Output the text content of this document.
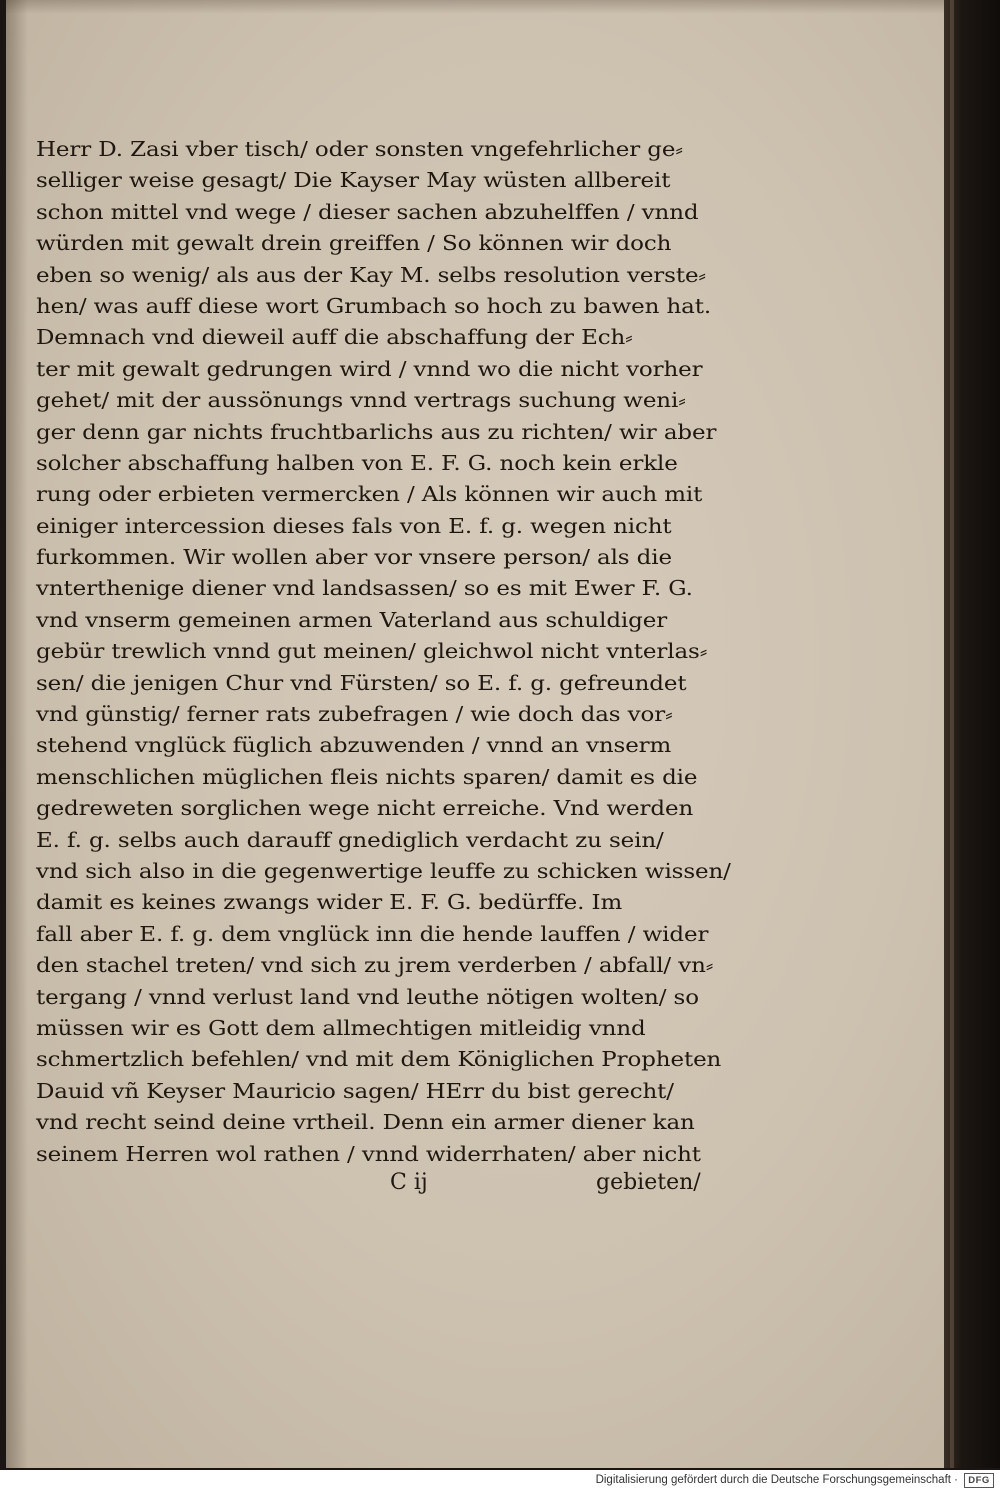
Herr D. Zasi vber tisch/ oder sonsten vngefehrlicher ge⸗
selliger weise gesagt/ Die Kayser May wüsten allbereit
schon mittel vnd wege / dieser sachen abzuhelffen / vnnd
würden mit gewalt drein greiffen / So können wir doch
eben so wenig/ als aus der Kay M. selbs resolution verste⸗
hen/ was auff diese wort Grumbach so hoch zu bawen hat.
Demnach vnd dieweil auff die abschaffung der Ech⸗
ter mit gewalt gedrungen wird / vnnd wo die nicht vorher
gehet/ mit der aussönungs vnnd vertrags suchung weni⸗
ger denn gar nichts fruchtbarlichs aus zu richten/ wir aber
solcher abschaffung halben von E. F. G. noch kein erkle
rung oder erbieten vermercken / Als können wir auch mit
einiger intercession dieses fals von E. f. g. wegen nicht
furkommen. Wir wollen aber vor vnsere person/ als die
vnterthenige diener vnd landsassen/ so es mit Ewer F. G.
vnd vnserm gemeinen armen Vaterland aus schuldiger
gebür trewlich vnnd gut meinen/ gleichwol nicht vnterlas⸗
sen/ die jenigen Chur vnd Fürsten/ so E. f. g. gefreundet
vnd günstig/ ferner rats zubefragen / wie doch das vor⸗
stehend vnglück füglich abzuwenden / vnnd an vnserm
menschlichen müglichen fleis nichts sparen/ damit es die
gedreweten sorglichen wege nicht erreiche. Vnd werden
E. f. g. selbs auch darauff gnediglich verdacht zu sein/
vnd sich also in die gegenwertige leuffe zu schicken wissen/
damit es keines zwangs wider E. F. G. bedürffe. Im
fall aber E. f. g. dem vnglück inn die hende lauffen / wider
den stachel treten/ vnd sich zu jrem verderben / abfall/ vn⸗
tergang / vnnd verlust land vnd leuthe nötigen wolten/ so
müssen wir es Gott dem allmechtigen mitleidig vnnd
schmertzlich befehlen/ vnd mit dem Königlichen Propheten
Dauid vñ Keyser Mauricio sagen/ HErr du bist gerecht/
vnd recht seind deine vrtheil. Denn ein armer diener kan
seinem Herren wol rathen / vnnd widerrhaten/ aber nicht
C ij	gebieten/
Digitalisierung gefördert durch die Deutsche Forschungsgemeinschaft ·	DFG
